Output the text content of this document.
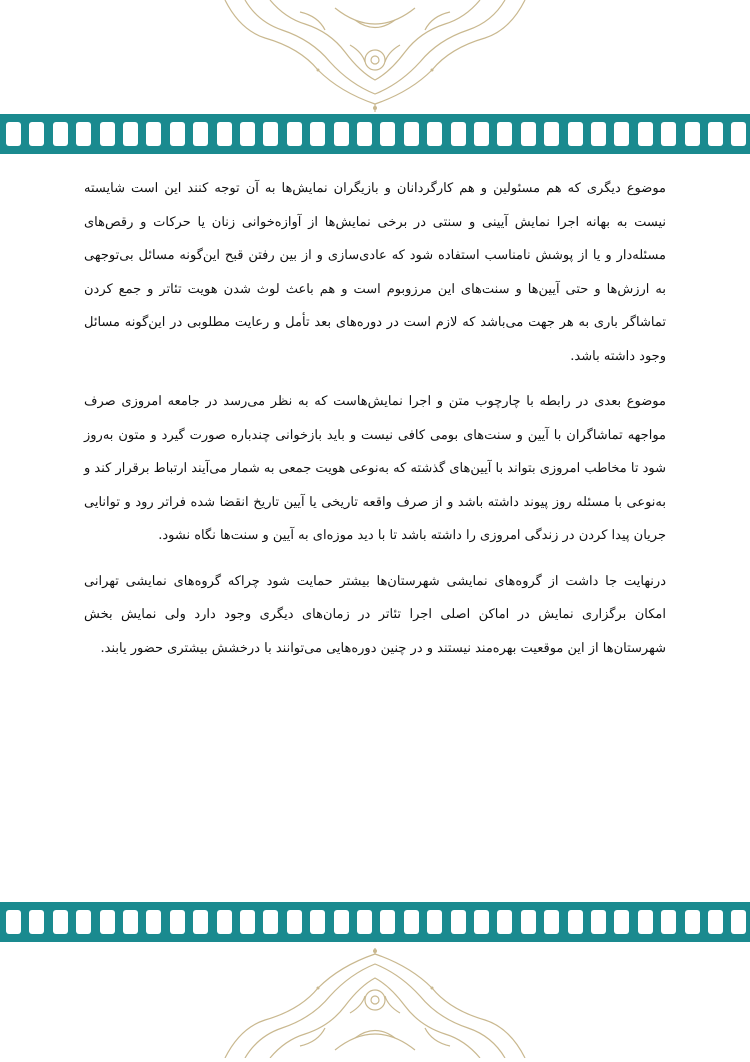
موضوع دیگری که هم مسئولین و هم کارگردانان و بازیگران نمایش‌ها به آن توجه کنند این است شایسته نیست به بهانه اجرا نمایش آیینی و سنتی در برخی نمایش‌ها از آوازه‌خوانی زنان یا حرکات و رقص‌های مسئله‌دار و یا از پوشش نامناسب استفاده شود که عادی‌سازی و از بین رفتن قبح این‌گونه مسائل بی‌توجهی به ارزش‌ها و حتی آیین‌ها و سنت‌های این مرزوبوم است و هم باعث لوث شدن هویت تئاتر و جمع کردن تماشاگر باری به هر جهت می‌باشد که لازم است در دوره‌های بعد تأمل و رعایت مطلوبی در این‌گونه مسائل وجود داشته باشد.

موضوع بعدی در رابطه با چارچوب متن و اجرا نمایش‌هاست که به نظر می‌رسد در جامعه امروزی صرف مواجهه تماشاگران با آیین و سنت‌های بومی کافی نیست و باید بازخوانی چندباره صورت گیرد و متون به‌روز شود تا مخاطب امروزی بتواند با آیین‌های گذشته که به‌نوعی هویت جمعی به شمار می‌آیند ارتباط برقرار کند و به‌نوعی با مسئله روز پیوند داشته باشد و از صرف واقعه تاریخی یا آیین تاریخ انقضا شده فراتر رود و توانایی جریان پیدا کردن در زندگی امروزی را داشته باشد تا با دید موزه‌ای به آیین و سنت‌ها نگاه نشود.

درنهایت جا داشت از گروه‌های نمایشی شهرستان‌ها بیشتر حمایت شود چراکه گروه‌های نمایشی تهرانی امکان برگزاری نمایش در اماکن اصلی اجرا تئاتر در زمان‌های دیگری وجود دارد ولی نمایش بخش شهرستان‌ها از این موقعیت بهره‌مند نیستند و در چنین دوره‌هایی می‌توانند با درخشش بیشتری حضور یابند.
